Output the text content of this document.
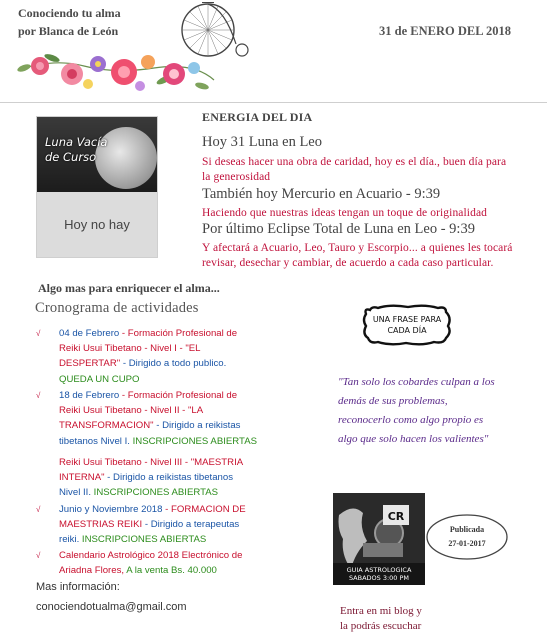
Conociendo tu alma
por Blanca de León	31 de ENERO DEL 2018
Luna Vacía
de Curso
Hoy no hay
ENERGIA DEL DIA
Hoy 31 Luna en Leo
Si deseas hacer una obra de caridad, hoy es el día., buen día para
la generosidad
También hoy Mercurio en Acuario - 9:39
Haciendo que nuestras ideas tengan un toque de originalidad
Por último Eclipse Total de Luna en Leo - 9:39
Y afectará a Acuario, Leo, Tauro y Escorpio... a quienes les tocará
revisar, desechar y cambiar, de acuerdo a cada caso particular.
Algo mas para enriquecer el alma...
Cronograma de actividades
√ 04 de Febrero - Formación Profesional de
Reiki Usui Tibetano - Nivel I - "EL
DESPERTAR" - Dirigido a todo publico.
QUEDA UN CUPO
√ 18 de Febrero - Formación Profesional de
Reiki Usui Tibetano - Nivel II - "LA
TRANSFORMACION" - Dirigido a reikistas
tibetanos Nivel I. INSCRIPCIONES ABIERTAS
Reiki Usui Tibetano - Nivel III - "MAESTRIA
INTERNA" - Dirigido a reikistas tibetanos
Nivel II. INSCRIPCIONES ABIERTAS
√ Junio y Noviembre 2018 - FORMACION DE
MAESTRIAS REIKI - Dirigido a terapeutas
reiki. INSCRIPCIONES ABIERTAS
√ Calendario Astrológico 2018 Electrónico de
Ariadna Flores, A la venta Bs. 40.000
Mas información:
conociendotualma@gmail.com
UNA FRASE PARA
CADA DÍA
"Tan solo los cobardes culpan a los
demás de sus problemas,
reconocerlo como algo propio es
algo que solo hacen los valientes"
CR
GUIA ASTROLOGICA
SABADOS 3:00 PM
Publicada
27-01-2017
Entra en mi blog y
la podrás escuchar
